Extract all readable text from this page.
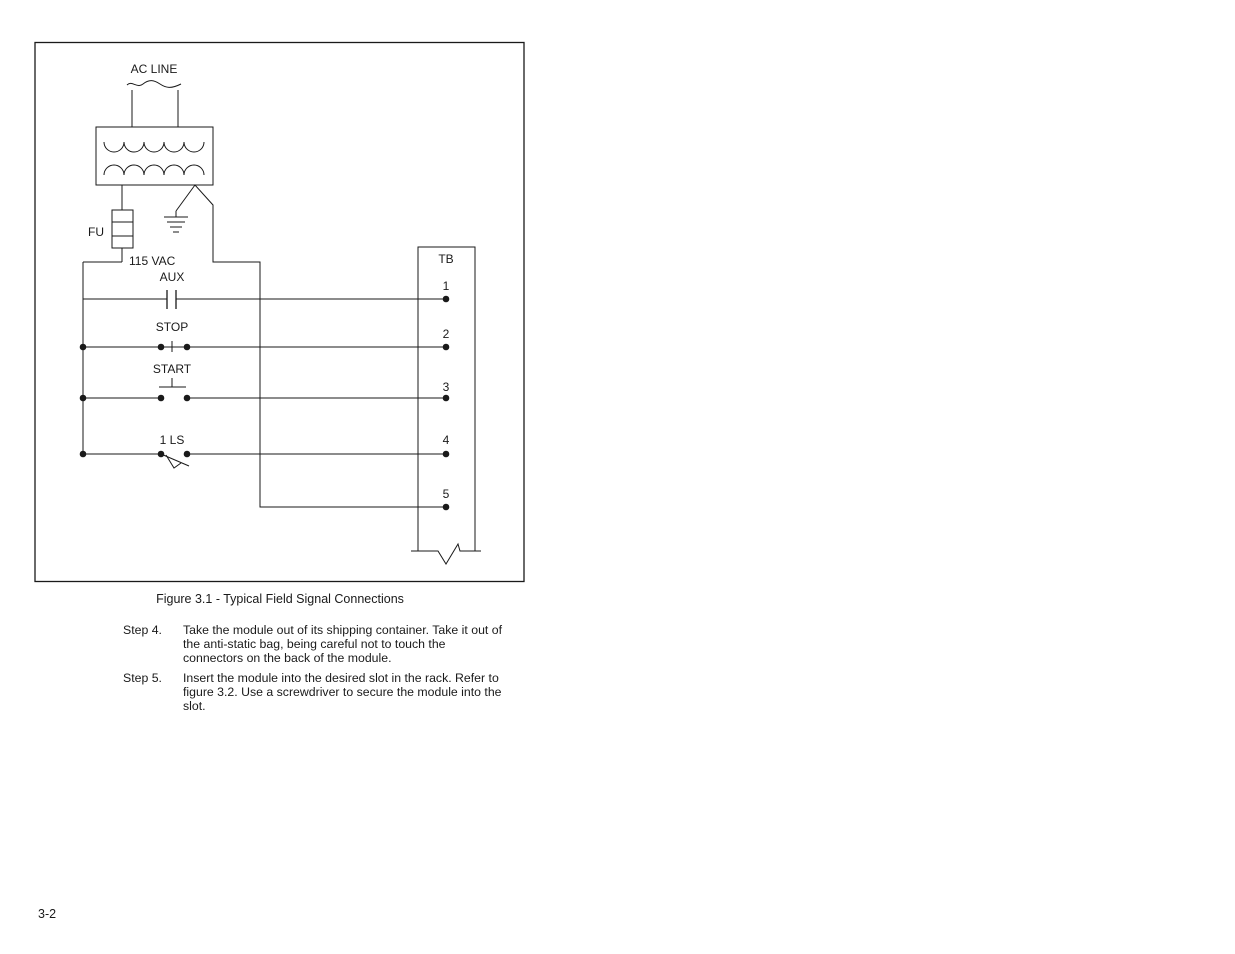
AC LINE
FU
115 VAC
AUX
STOP
START
1 LS
TB
1
2
3
4
5
Figure 3.1 - Typical Field Signal Connections
Step 4.	Take the module out of its shipping container. Take it out of the anti-static bag, being careful not to touch the connectors on the back of the module.
Step 5.	Insert the module into the desired slot in the rack. Refer to figure 3.2. Use a screwdriver to secure the module into the slot.
3-2
